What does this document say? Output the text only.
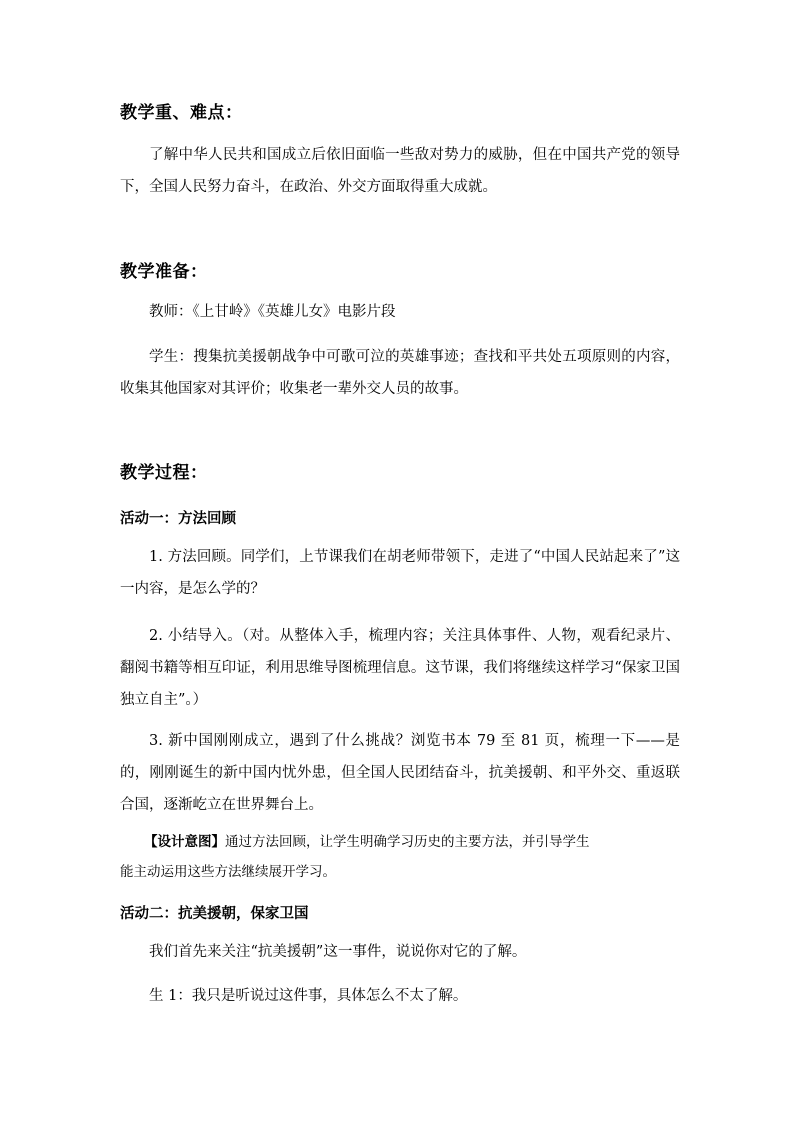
教学重、难点：
了解中华人民共和国成立后依旧面临一些敌对势力的威胁，但在中国共产党的领导下，全国人民努力奋斗，在政治、外交方面取得重大成就。
教学准备：
教师：《上甘岭》《英雄儿女》电影片段
学生：搜集抗美援朝战争中可歌可泣的英雄事迹；查找和平共处五项原则的内容，收集其他国家对其评价；收集老一辈外交人员的故事。
教学过程：
活动一：方法回顾
1. 方法回顾。同学们，上节课我们在胡老师带领下，走进了“中国人民站起来了”这一内容，是怎么学的？
2. 小结导入。（对。从整体入手，梳理内容；关注具体事件、人物，观看纪录片、翻阅书籍等相互印证，利用思维导图梳理信息。这节课，我们将继续这样学习“保家卫国 独立自主”。）
3. 新中国刚刚成立，遇到了什么挑战？浏览书本 79 至 81 页，梳理一下——是的，刚刚诞生的新中国内忧外患，但全国人民团结奋斗，抗美援朝、和平外交、重返联合国，逐渐屹立在世界舞台上。
【设计意图】通过方法回顾，让学生明确学习历史的主要方法，并引导学生
能主动运用这些方法继续展开学习。
活动二：抗美援朝，保家卫国
我们首先来关注“抗美援朝”这一事件，说说你对它的了解。
生 1：我只是听说过这件事，具体怎么不太了解。
